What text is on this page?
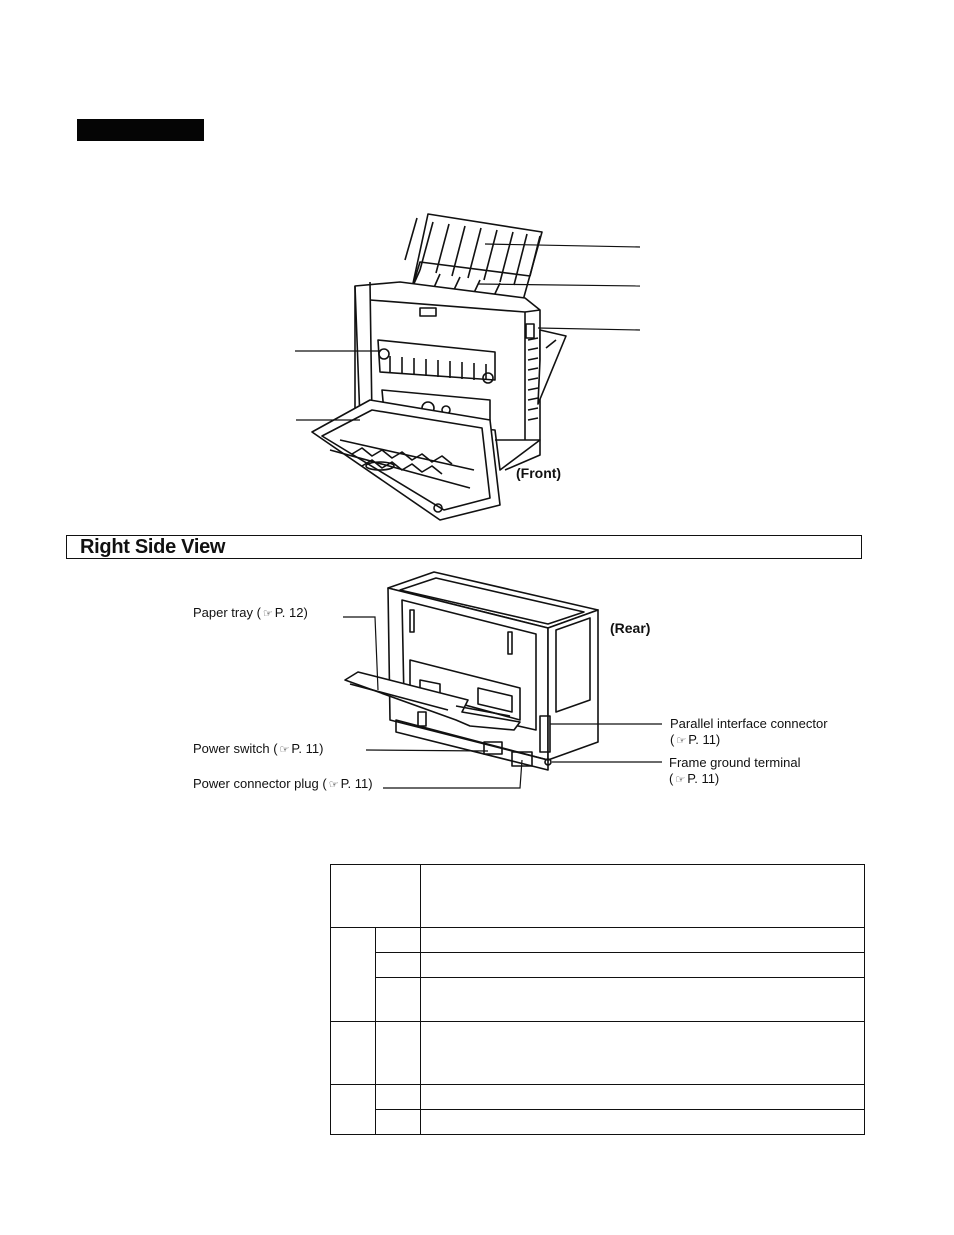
(Front)
Right Side View
(Rear)
Paper tray ( ☞ P. 12)
Power switch ( ☞ P. 11)
Power connector plug ( ☞ P. 11)
Parallel interface connector
( ☞ P. 11)
Frame ground terminal
( ☞ P. 11)
